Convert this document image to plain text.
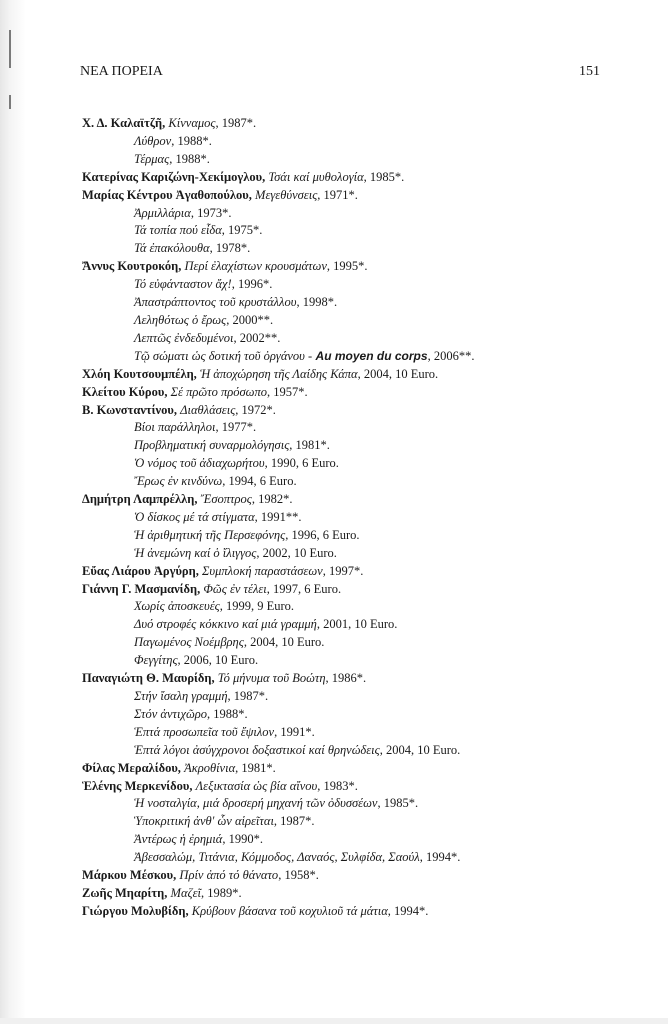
ΝΕΑ ΠΟΡΕΙΑ	151
Χ. Δ. Καλαϊτζῆ, Κίνναμος, 1987*.
Λύθρον, 1988*.
Τέρμας, 1988*.
Κατερίνας Καριζώνη-Χεκίμογλου, Τσάι καί μυθολογία, 1985*.
Μαρίας Κέντρου Ἀγαθοπούλου, Μεγεθύνσεις, 1971*.
Ἀρμιλλάρια, 1973*.
Τά τοπία πού εἶδα, 1975*.
Τά ἐπακόλουθα, 1978*.
Ἄννυς Κουτροκόη, Περί ἐλαχίστων κρουσμάτων, 1995*.
Τό εὐφάνταστον ἄχ!, 1996*.
Ἀπαστράπτοντος τοῦ κρυστάλλου, 1998*.
Λεληθότως ὁ ἔρως, 2000**.
Λεπτῶς ἐνδεδυμένοι, 2002**.
Τῷ σώματι ὡς δοτική τοῦ ὀργάνου - Au moyen du corps, 2006**.
Χλόη Κουτσουμπέλη, Ἡ ἀποχώρηση τῆς Λαίδης Κάπα, 2004, 10 Euro.
Κλείτου Κύρου, Σέ πρῶτο πρόσωπο, 1957*.
Β. Κωνσταντίνου, Διαθλάσεις, 1972*.
Βίοι παράλληλοι, 1977*.
Προβληματική συναρμολόγησις, 1981*.
Ὁ νόμος τοῦ ἀδιαχωρήτου, 1990, 6 Euro.
Ἔρως ἐν κινδύνω, 1994, 6 Euro.
Δημήτρη Λαμπρέλλη, Ἔσοπτρος, 1982*.
Ὁ δίσκος μέ τά στίγματα, 1991**.
Ἡ ἀριθμητική τῆς Περσεφόνης, 1996, 6 Euro.
Ἡ ἀνεμώνη καί ὁ ἴλιγγος, 2002, 10 Euro.
Εὔας Λιάρου Ἀργύρη, Συμπλοκή παραστάσεων, 1997*.
Γιάννη Γ. Μασμανίδη, Φῶς ἐν τέλει, 1997, 6 Euro.
Χωρίς ἀποσκευές, 1999, 9 Euro.
Δυό στροφές κόκκινο καί μιά γραμμή, 2001, 10 Euro.
Παγωμένος Νοέμβρης, 2004, 10 Euro.
Φεγγίτης, 2006, 10 Euro.
Παναγιώτη Θ. Μαυρίδη, Τό μήνυμα τοῦ Βοώτη, 1986*.
Στήν ἴσαλη γραμμή, 1987*.
Στόν ἀντιχῶρο, 1988*.
Ἑπτά προσωπεῖα τοῦ ἔψιλον, 1991*.
Ἑπτά λόγοι ἀσύγχρονοι δοξαστικοί καί θρηνώδεις, 2004, 10 Euro.
Φίλας Μεραλίδου, Ἀκροθίνια, 1981*.
Ἑλένης Μερκενίδου, Λεξικτασία ὡς βία αἴνου, 1983*.
Ἡ νοσταλγία, μιά δροσερή μηχανή τῶν ὀδυσσέων, 1985*.
Ὑποκριτική ἀνθ' ὧν αἱρεῖται, 1987*.
Ἀντέρως ἡ ἐρημιά, 1990*.
Ἀβεσσαλώμ, Τιτάνια, Κόμμοδος, Δαναός, Συλφίδα, Σαούλ, 1994*.
Μάρκου Μέσκου, Πρίν ἀπό τό θάνατο, 1958*.
Ζωῆς Μηαρίτη, Μαζεῖ, 1989*.
Γιώργου Μολυβίδη, Κρύβουν βάσανα τοῦ κοχυλιοῦ τά μάτια, 1994*.
